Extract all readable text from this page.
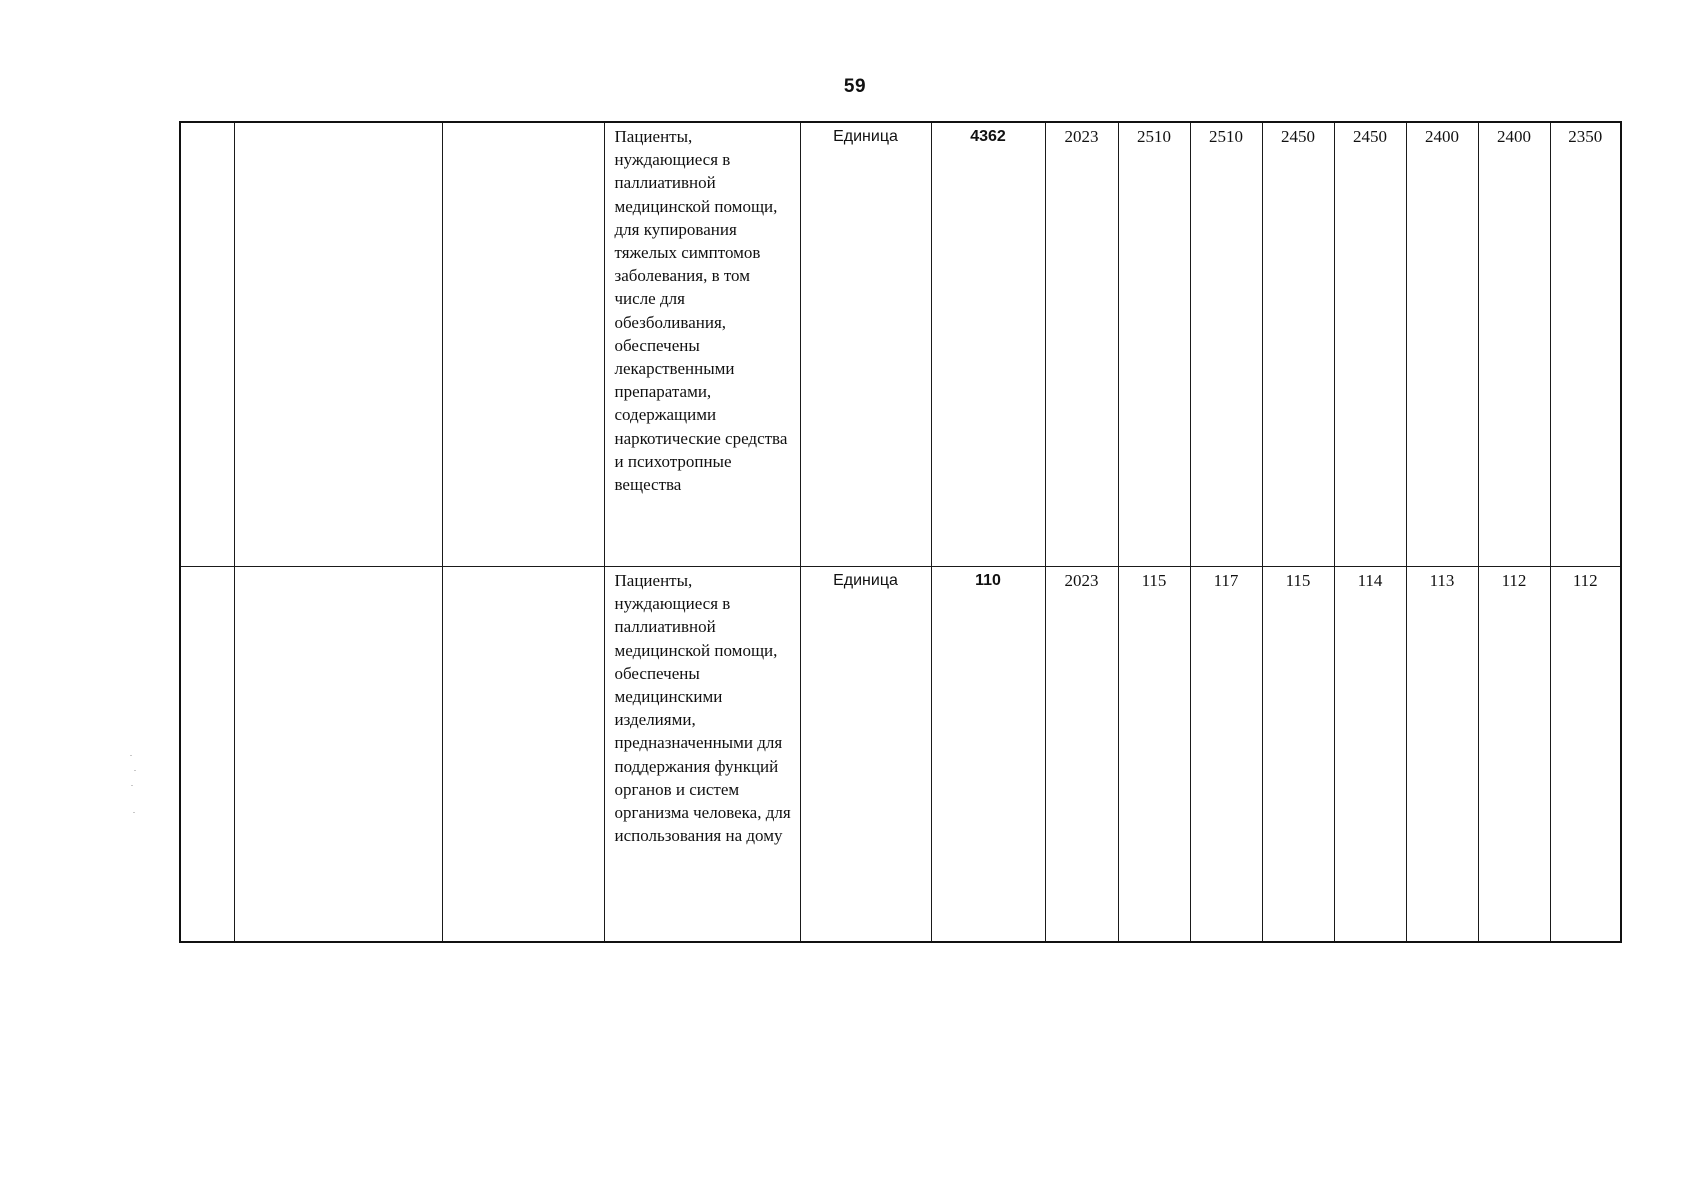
59
			Пациенты, нуждающиеся в паллиативной медицинской помощи, для купирования тяжелых симптомов заболевания, в том числе для обезболивания, обеспечены лекарственными препаратами, содержащими наркотические средства и психотропные вещества	Единица	4362	2023	2510	2510	2450	2450	2400	2400	2350
			Пациенты, нуждающиеся в паллиативной медицинской помощи, обеспечены медицинскими изделиями, предназначенными для поддержания функций органов и систем организма человека, для использования на дому	Единица	110	2023	115	117	115	114	113	112	112
